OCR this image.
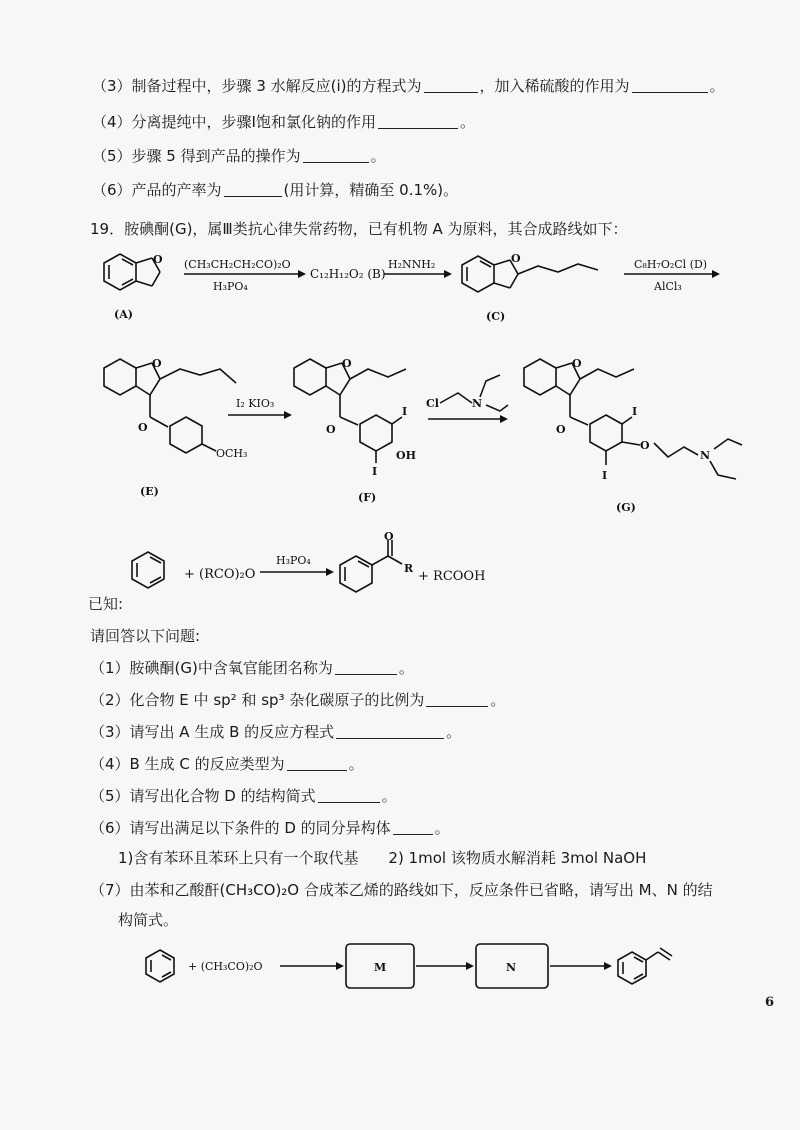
（3）制备过程中，步骤 3 水解反应(i)的方程式为	，加入稀硫酸的作用为	。
（4）分离提纯中，步骤Ⅰ饱和氯化钠的作用	。
（5）步骤 5 得到产品的操作为	。
（6）产品的产率为	(用计算，精确至 0.1%)。
19．胺碘酮(G)，属Ⅲ类抗心律失常药物，已有机物 A 为原料，其合成路线如下：
O
(A)
(CH₃CH₂CH₂CO)₂O
H₃PO₄
C₁₂H₁₂O₂ (B)
H₂NNH₂	O
(C)
C₈H₇O₂Cl (D)
AlCl₃
O
O
OCH₃
(E)
I₂ KIO₃
O
O
I
OH
I
(F)
Cl	N
O
O
I
O
N
I
(G)
+ (RCO)₂O
H₃PO₄
O
R
+ RCOOH
已知:
请回答以下问题:
（1）胺碘酮(G)中含氧官能团名称为	。
（2）化合物 E 中 sp² 和 sp³ 杂化碳原子的比例为	。
（3）请写出 A 生成 B 的反应方程式	。
（4）B 生成 C 的反应类型为	。
（5）请写出化合物 D 的结构简式	。
（6）请写出满足以下条件的 D 的同分异构体	。
1)含有苯环且苯环上只有一个取代基　　2) 1mol 该物质水解消耗 3mol NaOH
（7）由苯和乙酸酐(CH₃CO)₂O 合成苯乙烯的路线如下，反应条件已省略，请写出 M、N 的结
构简式。
+ (CH₃CO)₂O	M	N
6
